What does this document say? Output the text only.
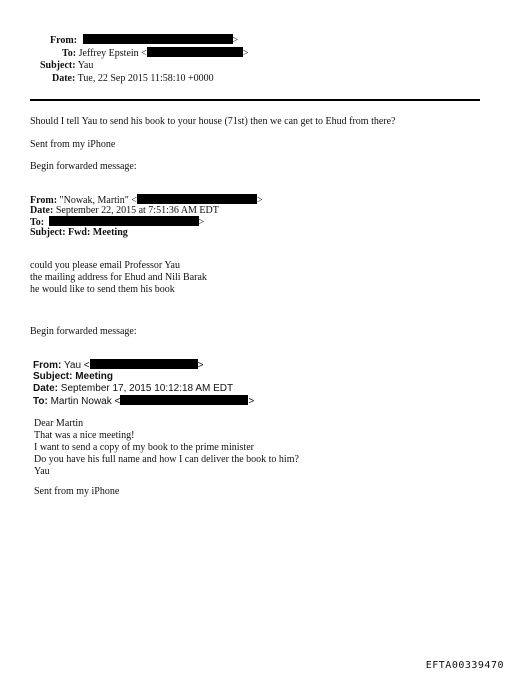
From:	>
To: Jeffrey Epstein <	>
Subject: Yau
Date: Tue, 22 Sep 2015 11:58:10 +0000
Should I tell Yau to send his book to your house (71st) then we can get to Ehud from there?
Sent from my iPhone
Begin forwarded message:
From: "Nowak, Martin" <	>
Date: September 22, 2015 at 7:51:36 AM EDT
To:	>
Subject: Fwd: Meeting
could you please email Professor Yau
the mailing address for Ehud and Nili Barak
he would like to send them his book
Begin forwarded message:
From: Yau <	>
Subject: Meeting
Date: September 17, 2015 10:12:18 AM EDT
To: Martin Nowak <	>
Dear Martin
That was a nice meeting!
I want to send a copy of my book to the prime minister
Do you have his full name and how I can deliver the book to him?
Yau
Sent from my iPhone
EFTA00339470
